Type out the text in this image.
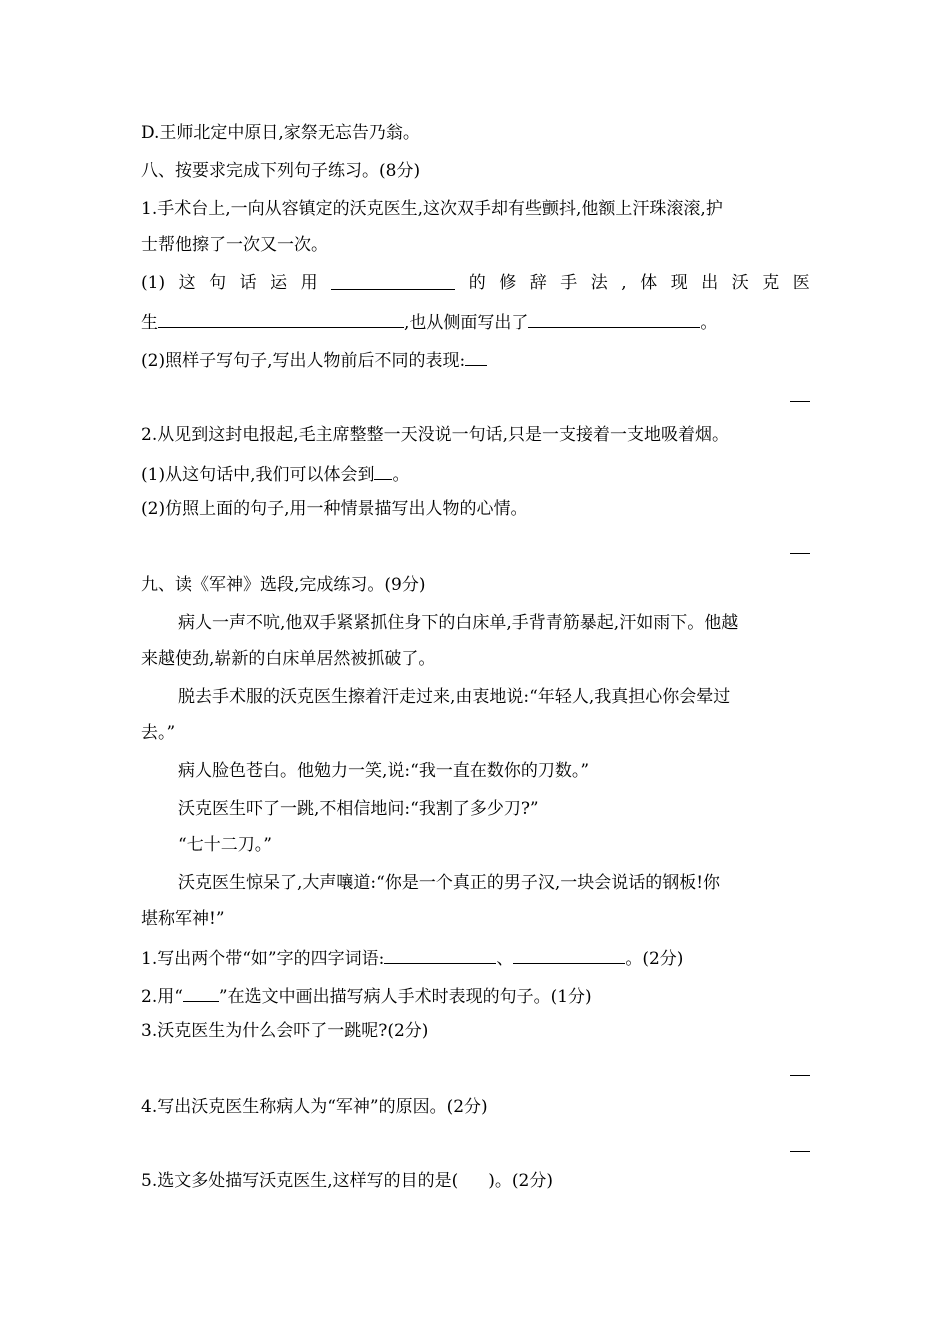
D.王师北定中原日,家祭无忘告乃翁。
八、按要求完成下列句子练习。(8分)
1.手术台上,一向从容镇定的沃克医生,这次双手却有些颤抖,他额上汗珠滚滚,护
士帮他擦了一次又一次。
(1) 这 句 话 运 用	的 修 辞 手 法 , 体 现 出 沃 克 医
生	,也从侧面写出了	。
(2)照样子写句子,写出人物前后不同的表现:
2.从见到这封电报起,毛主席整整一天没说一句话,只是一支接着一支地吸着烟。
(1)从这句话中,我们可以体会到 。
(2)仿照上面的句子,用一种情景描写出人物的心情。
九、读《军神》选段,完成练习。(9分)
病人一声不吭,他双手紧紧抓住身下的白床单,手背青筋暴起,汗如雨下。他越
来越使劲,崭新的白床单居然被抓破了。
脱去手术服的沃克医生擦着汗走过来,由衷地说:“年轻人,我真担心你会晕过
去。”
病人脸色苍白。他勉力一笑,说:“我一直在数你的刀数。”
沃克医生吓了一跳,不相信地问:“我割了多少刀?”
“七十二刀。”
沃克医生惊呆了,大声嚷道:“你是一个真正的男子汉,一块会说话的钢板!你
堪称军神!”
1.写出两个带“如”字的四字词语:	、	。(2分)
2.用“ ”在选文中画出描写病人手术时表现的句子。(1分)
3.沃克医生为什么会吓了一跳呢?(2分)
4.写出沃克医生称病人为“军神”的原因。(2分)
5.选文多处描写沃克医生,这样写的目的是( )。(2分)
